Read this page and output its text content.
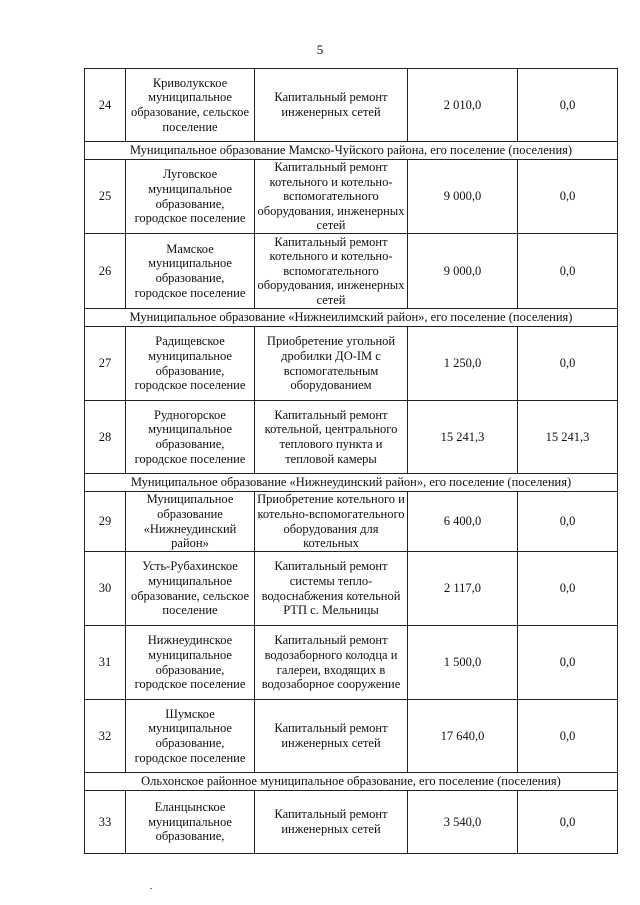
5
24	Криволукское муниципальное образование, сельское поселение	Капитальный ремонт инженерных сетей	2 010,0	0,0
Муниципальное образование Мамско-Чуйского района, его поселение (поселения)				
25	Луговское муниципальное образование, городское поселение	Капитальный ремонт котельного и котельно-вспомогательного оборудования, инженерных сетей	9 000,0	0,0
26	Мамское муниципальное образование, городское поселение	Капитальный ремонт котельного и котельно-вспомогательного оборудования, инженерных сетей	9 000,0	0,0
Муниципальное образование «Нижнеилимский район», его поселение (поселения)				
27	Радищевское муниципальное образование, городское поселение	Приобретение угольной дробилки ДО-IM с вспомогательным оборудованием	1 250,0	0,0
28	Рудногорское муниципальное образование, городское поселение	Капитальный ремонт котельной, центрального теплового пункта и тепловой камеры	15 241,3	15 241,3
Муниципальное образование «Нижнеудинский район», его поселение (поселения)				
29	Муниципальное образование «Нижнеудинский район»	Приобретение котельного и котельно-вспомогательного оборудования для котельных	6 400,0	0,0
30	Усть-Рубахинское муниципальное образование, сельское поселение	Капитальный ремонт системы тепло-водоснабжения котельной РТП с. Мельницы	2 117,0	0,0
31	Нижнеудинское муниципальное образование, городское поселение	Капитальный ремонт водозаборного колодца и галереи, входящих в водозаборное сооружение	1 500,0	0,0
32	Шумское муниципальное образование, городское поселение	Капитальный ремонт инженерных сетей	17 640,0	0,0
Ольхонское районное муниципальное образование, его поселение (поселения)				
33	Еланцынское муниципальное образование,	Капитальный ремонт инженерных сетей	3 540,0	0,0
